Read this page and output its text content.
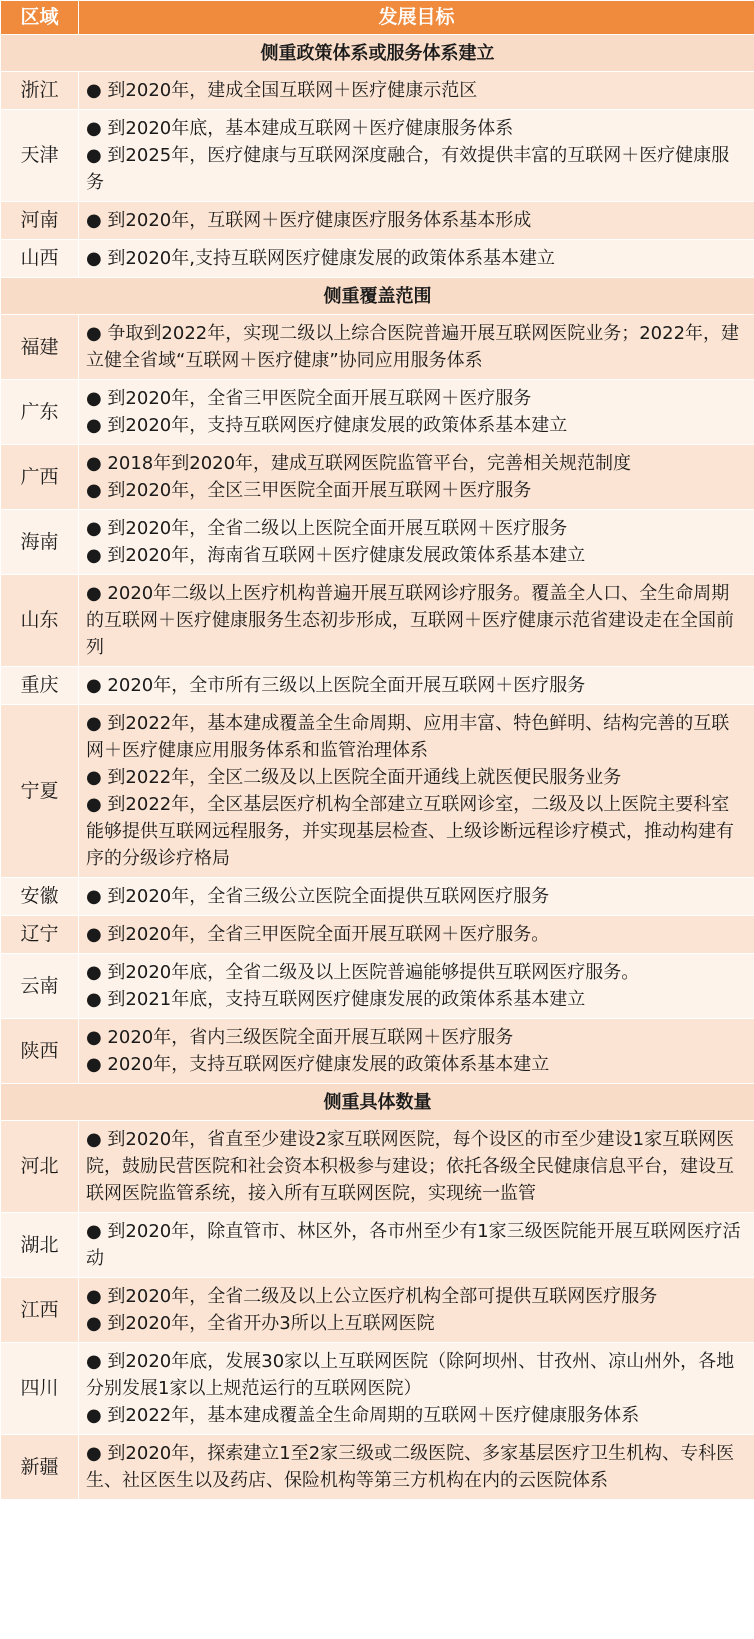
区域	发展目标
侧重政策体系或服务体系建立	
浙江	● 到2020年，建成全国互联网＋医疗健康示范区

天津	● 到2020年底，基本建成互联网＋医疗健康服务体系
● 到2025年，医疗健康与互联网深度融合，有效提供丰富的互联网＋医疗健康服务

河南	● 到2020年，互联网＋医疗健康医疗服务体系基本形成

山西	● 到2020年,支持互联网医疗健康发展的政策体系基本建立

侧重覆盖范围	
福建	● 争取到2022年，实现二级以上综合医院普遍开展互联网医院业务；2022年，建立健全省域“互联网＋医疗健康”协同应用服务体系

广东	● 到2020年，全省三甲医院全面开展互联网＋医疗服务
● 到2020年，支持互联网医疗健康发展的政策体系基本建立

广西	● 2018年到2020年，建成互联网医院监管平台，完善相关规范制度
● 到2020年，全区三甲医院全面开展互联网＋医疗服务

海南	● 到2020年，全省二级以上医院全面开展互联网＋医疗服务
● 到2020年，海南省互联网＋医疗健康发展政策体系基本建立

山东	● 2020年二级以上医疗机构普遍开展互联网诊疗服务。覆盖全人口、全生命周期的互联网＋医疗健康服务生态初步形成，互联网＋医疗健康示范省建设走在全国前列

重庆	● 2020年，全市所有三级以上医院全面开展互联网＋医疗服务

宁夏	● 到2022年，基本建成覆盖全生命周期、应用丰富、特色鲜明、结构完善的互联网＋医疗健康应用服务体系和监管治理体系
● 到2022年，全区二级及以上医院全面开通线上就医便民服务业务
● 到2022年，全区基层医疗机构全部建立互联网诊室，二级及以上医院主要科室能够提供互联网远程服务，并实现基层检查、上级诊断远程诊疗模式，推动构建有序的分级诊疗格局

安徽	● 到2020年，全省三级公立医院全面提供互联网医疗服务

辽宁	● 到2020年，全省三甲医院全面开展互联网＋医疗服务。

云南	● 到2020年底，全省二级及以上医院普遍能够提供互联网医疗服务。
● 到2021年底，支持互联网医疗健康发展的政策体系基本建立

陕西	● 2020年，省内三级医院全面开展互联网＋医疗服务
● 2020年，支持互联网医疗健康发展的政策体系基本建立

侧重具体数量	
河北	● 到2020年，省直至少建设2家互联网医院，每个设区的市至少建设1家互联网医院，鼓励民营医院和社会资本积极参与建设；依托各级全民健康信息平台，建设互联网医院监管系统，接入所有互联网医院，实现统一监管

湖北	● 到2020年，除直管市、林区外，各市州至少有1家三级医院能开展互联网医疗活动

江西	● 到2020年，全省二级及以上公立医疗机构全部可提供互联网医疗服务
● 到2020年，全省开办3所以上互联网医院

四川	● 到2020年底，发展30家以上互联网医院（除阿坝州、甘孜州、凉山州外，各地分别发展1家以上规范运行的互联网医院）
● 到2022年，基本建成覆盖全生命周期的互联网＋医疗健康服务体系

新疆	● 到2020年，探索建立1至2家三级或二级医院、多家基层医疗卫生机构、专科医生、社区医生以及药店、保险机构等第三方机构在内的云医院体系
